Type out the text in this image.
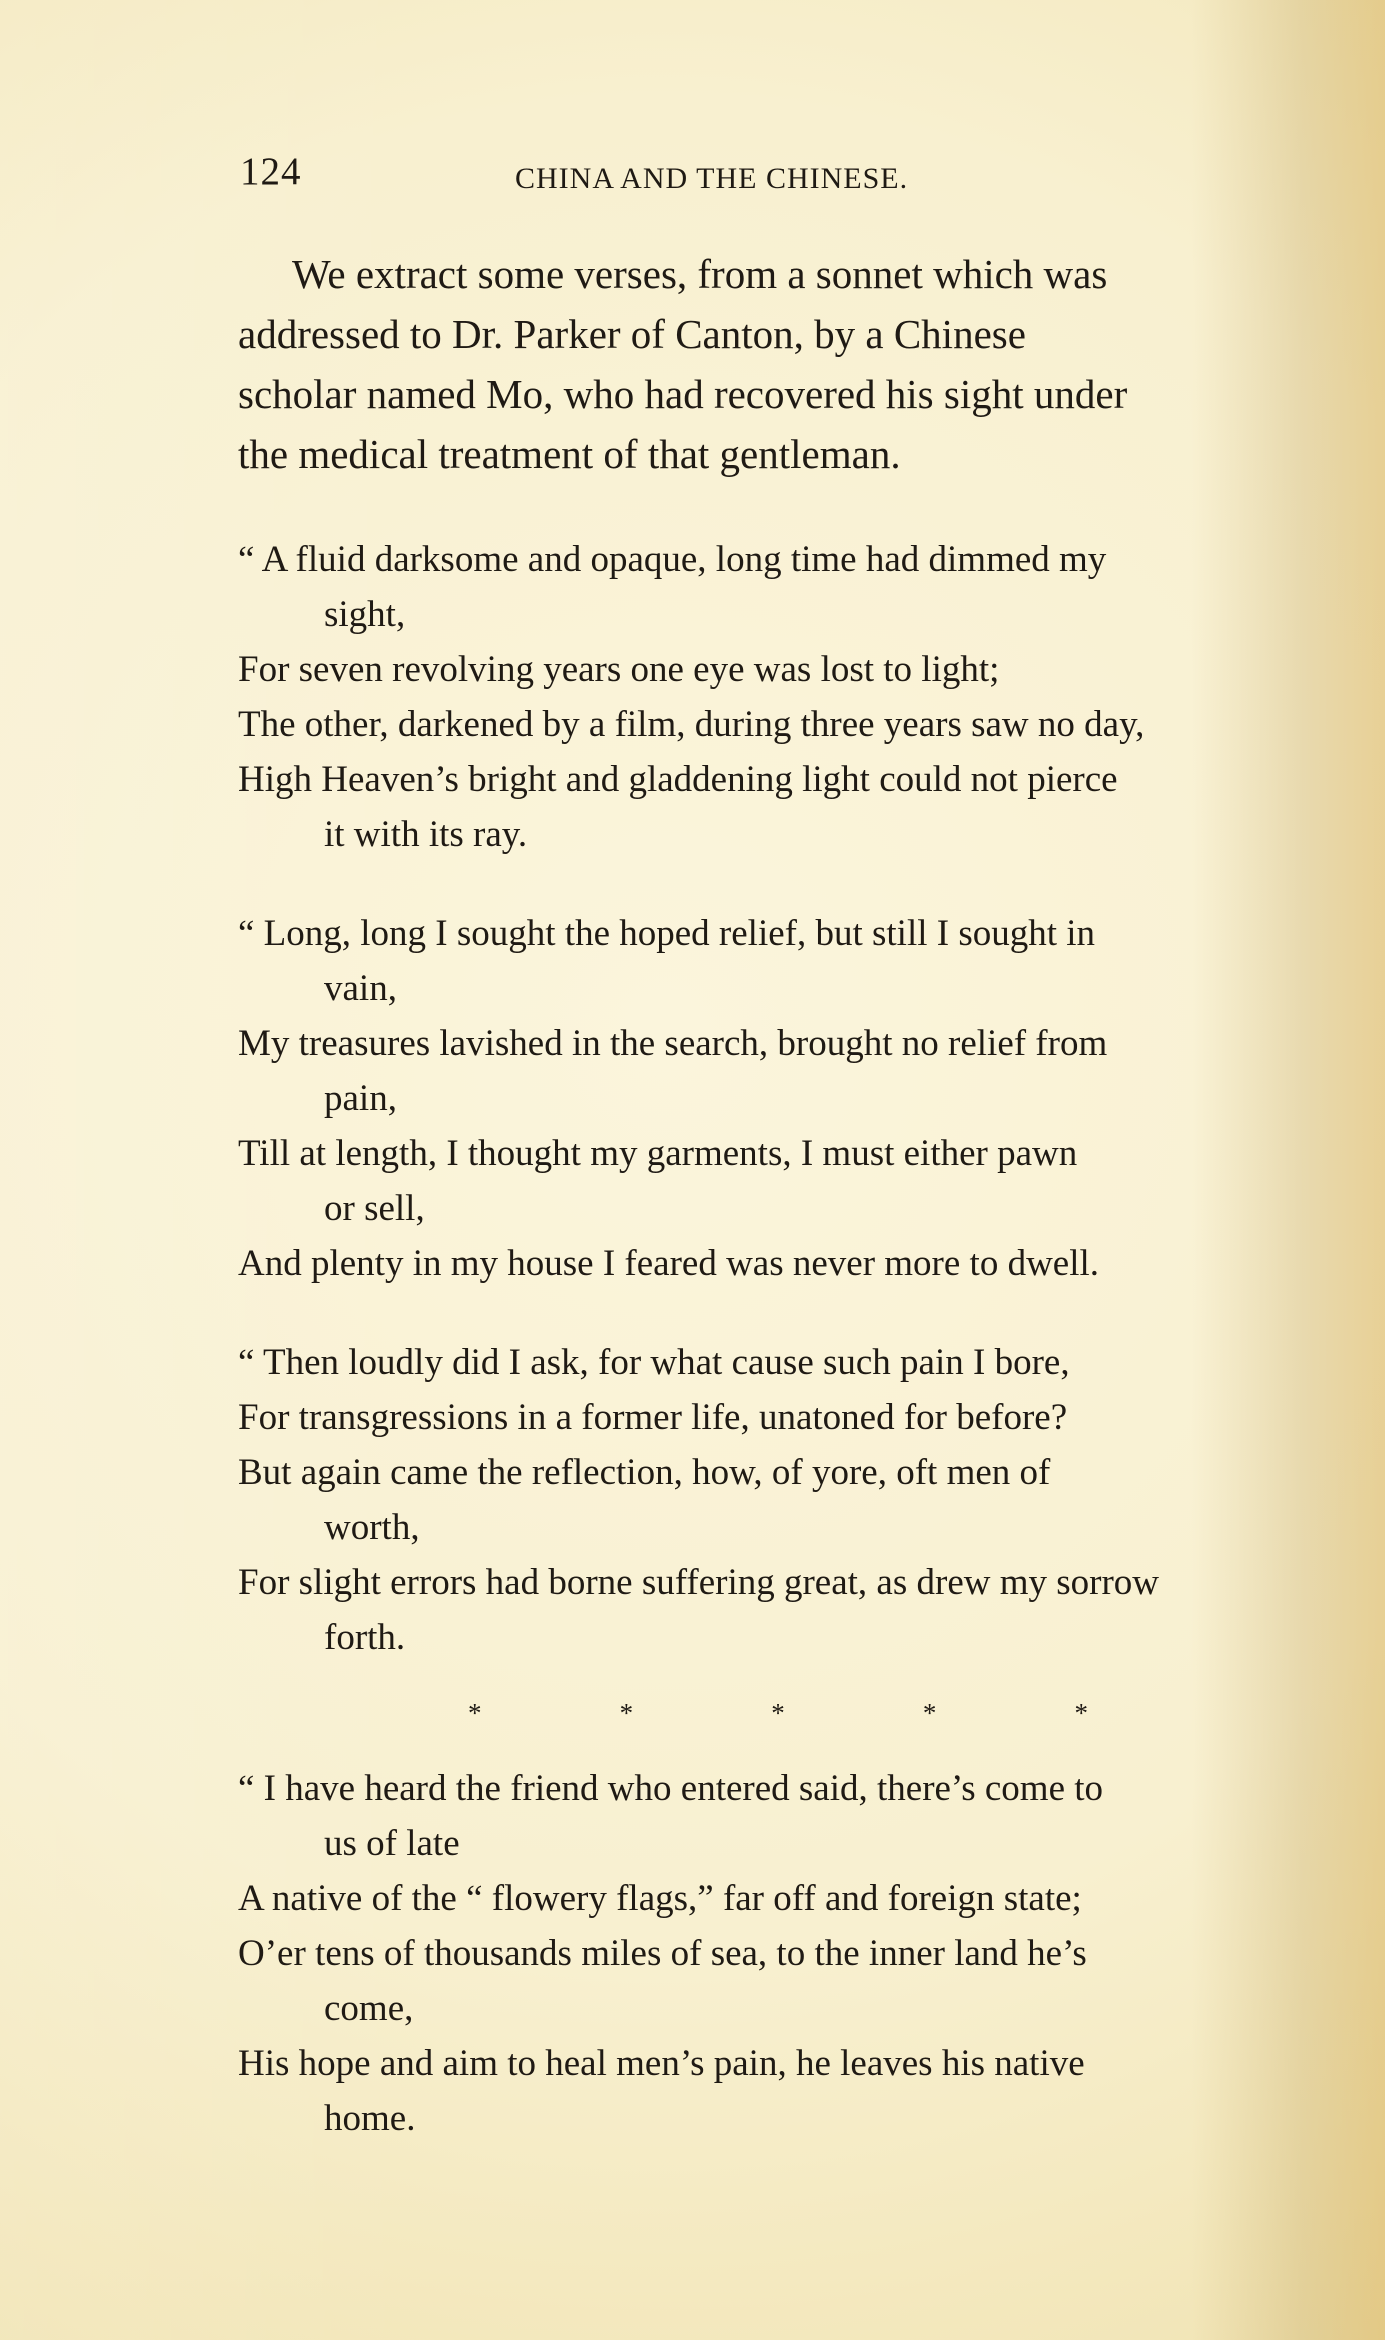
124	CHINA AND THE CHINESE.

We extract some verses, from a sonnet which was
addressed to Dr. Parker of Canton, by a Chinese
scholar named Mo, who had recovered his sight under
the medical treatment of that gentleman.

“ A fluid darksome and opaque, long time had dimmed my
sight,
For seven revolving years one eye was lost to light;
The other, darkened by a film, during three years saw no day,
High Heaven’s bright and gladdening light could not pierce
it with its ray.
“ Long, long I sought the hoped relief, but still I sought in
vain,
My treasures lavished in the search, brought no relief from
pain,
Till at length, I thought my garments, I must either pawn
or sell,
And plenty in my house I feared was never more to dwell.
“ Then loudly did I ask, for what cause such pain I bore,
For transgressions in a former life, unatoned for before?
But again came the reflection, how, of yore, oft men of
worth,
For slight errors had borne suffering great, as drew my sorrow
forth.
*	*	*	*	*
“ I have heard the friend who entered said, there’s come to
us of late
A native of the “ flowery flags,” far off and foreign state;
O’er tens of thousands miles of sea, to the inner land he’s
come,
His hope and aim to heal men’s pain, he leaves his native
home.
